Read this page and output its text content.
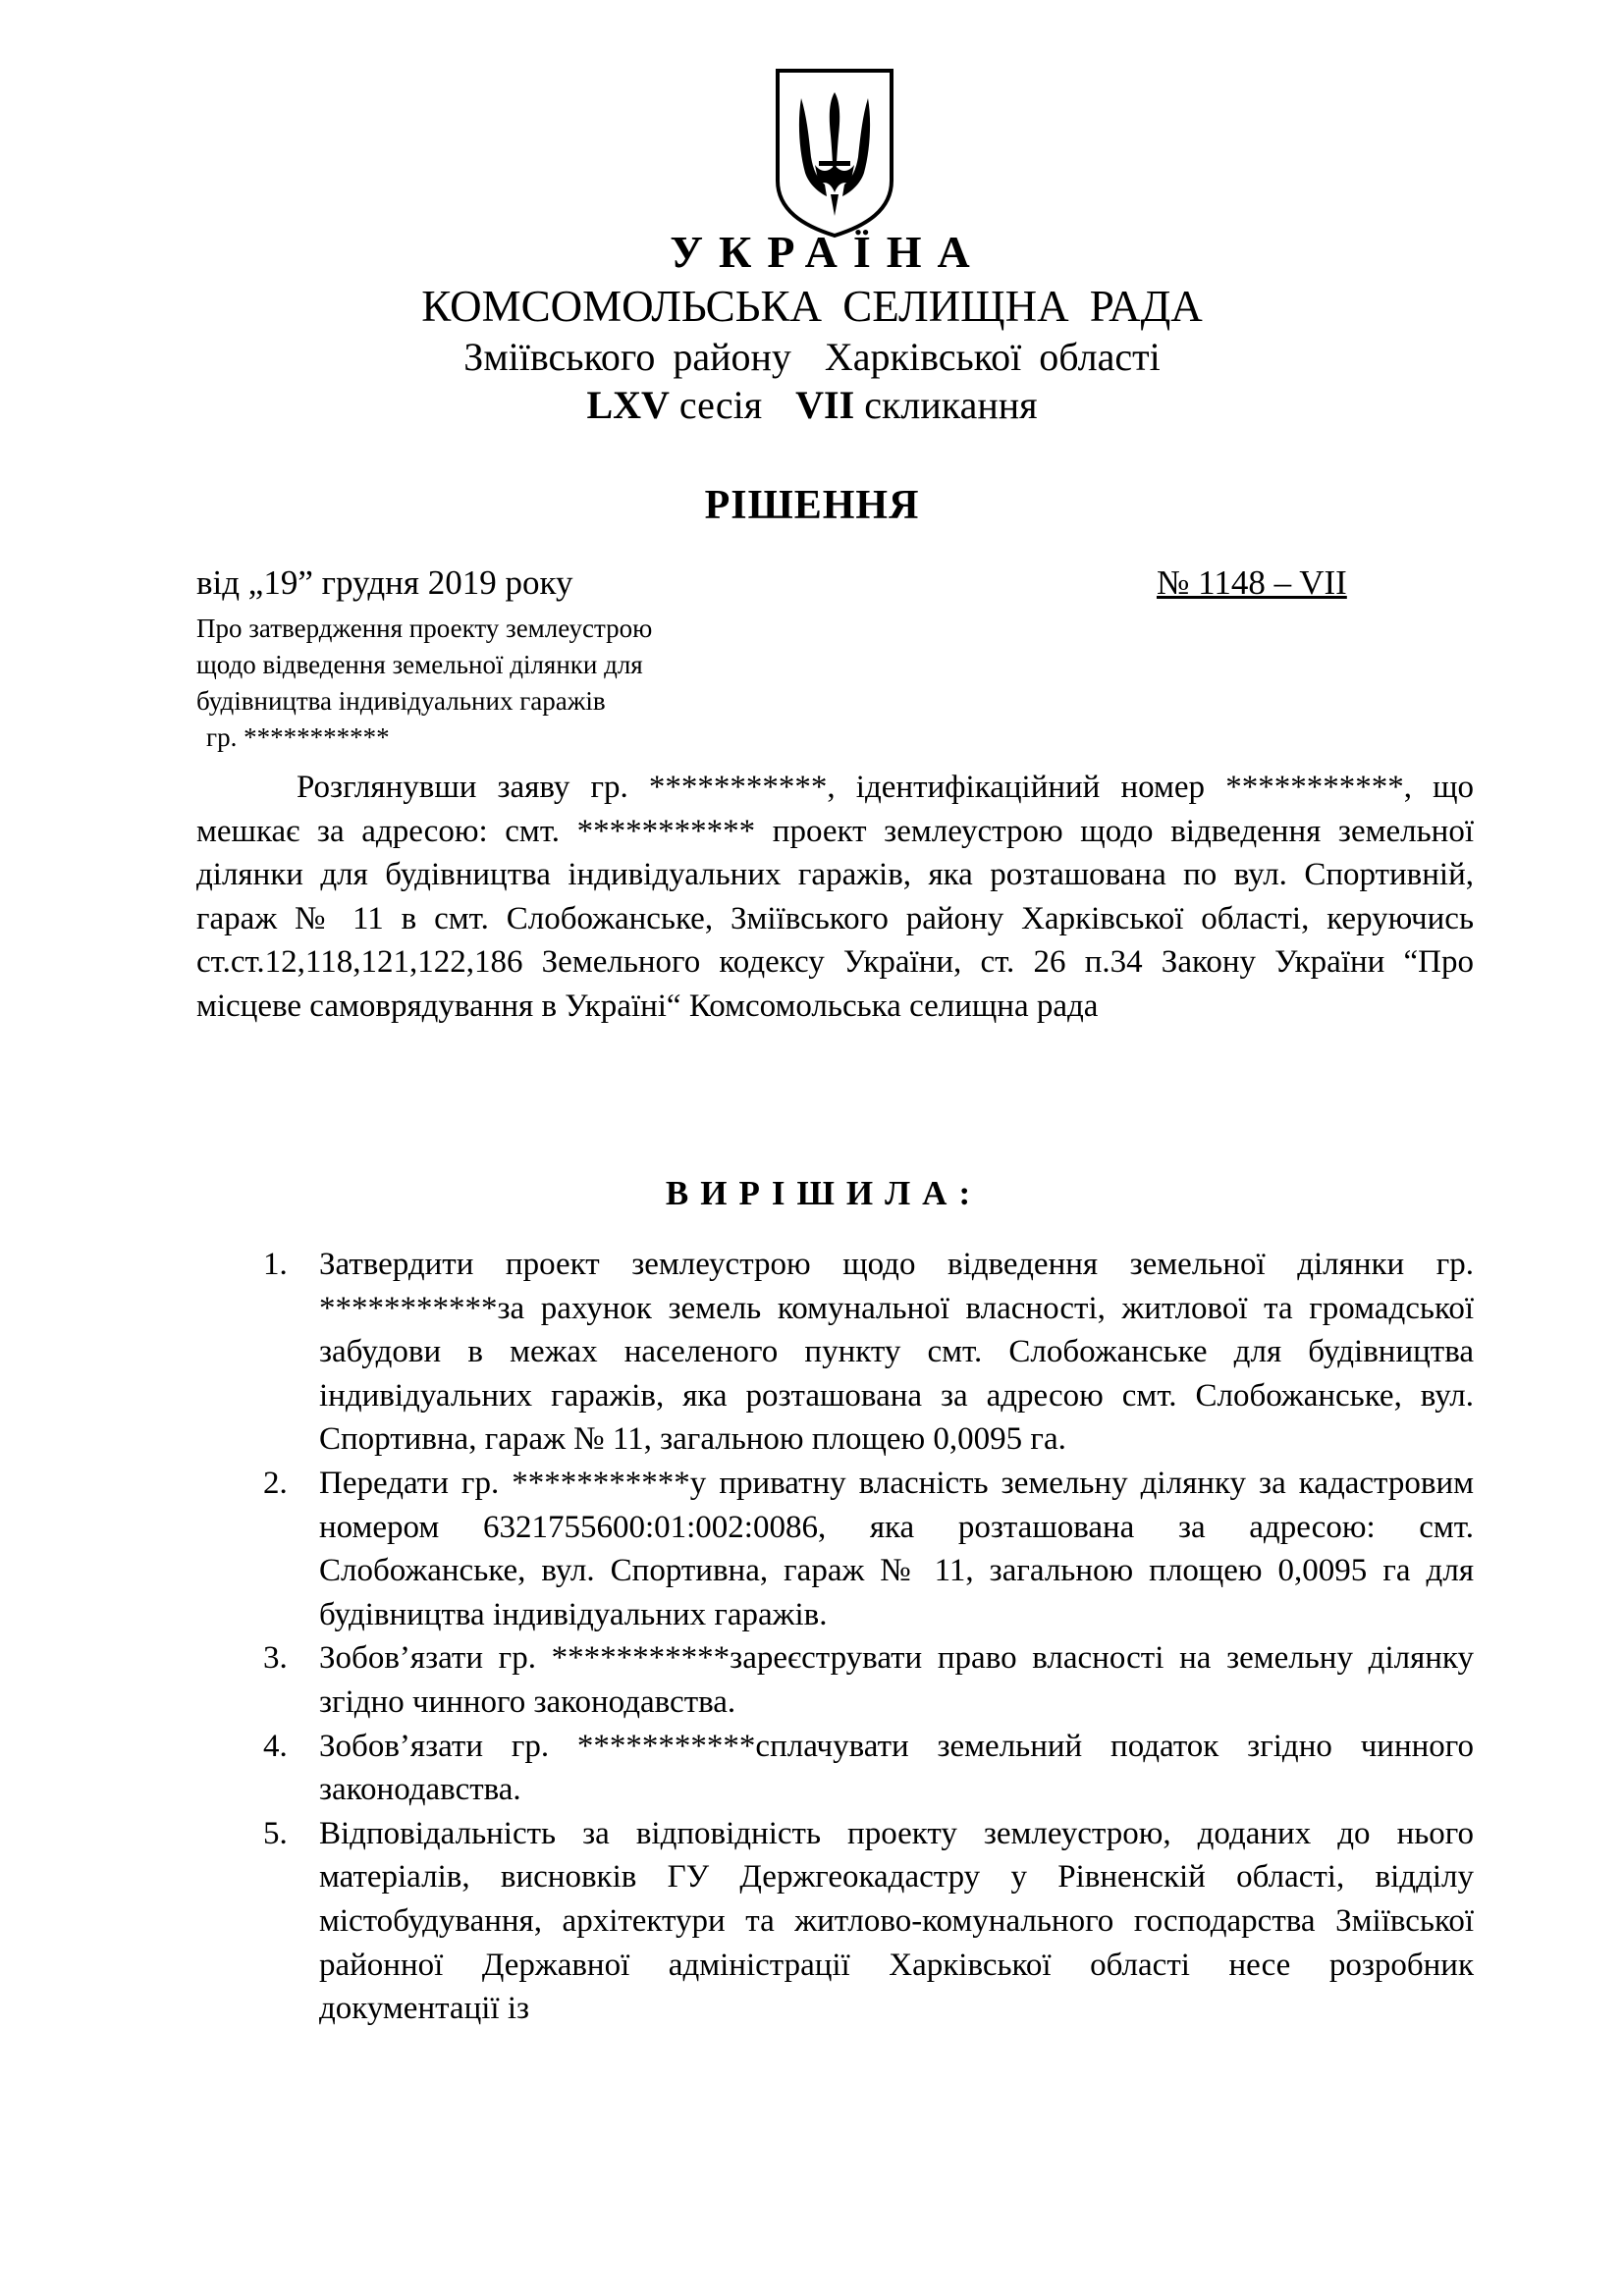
УКРАЇНА
КОМСОМОЛЬСЬКА СЕЛИЩНА РАДА
Зміївського району Харківської області
LXV сесія VII скликання
РІШЕННЯ
від „19” грудня 2019 року	№ 1148 – VII
Про затвердження проекту землеустрою
щодо відведення земельної ділянки для
будівництва індивідуальних гаражів
гр. ***********
Розглянувши заяву гр. ***********, ідентифікаційний номер ***********, що мешкає за адресою: смт. *********** проект землеустрою щодо відведення земельної ділянки для будівництва індивідуальних гаражів, яка розташована по вул. Спортивній, гараж № 11 в смт. Слобожанське, Зміївського району Харківської області, керуючись ст.ст.12,118,121,122,186 Земельного кодексу України, ст. 26 п.34 Закону України “Про місцеве самоврядування в Україні“ Комсомольська селищна рада
ВИРІШИЛА:
1. Затвердити проект землеустрою щодо відведення земельної ділянки гр. ***********за рахунок земель комунальної власності, житлової та громадської забудови в межах населеного пункту смт. Слобожанське для будівництва індивідуальних гаражів, яка розташована за адресою смт. Слобожанське, вул. Спортивна, гараж № 11, загальною площею 0,0095 га.
2. Передати гр. ***********у приватну власність земельну ділянку за кадастровим номером 6321755600:01:002:0086, яка розташована за адресою: смт. Слобожанське, вул. Спортивна, гараж № 11, загальною площею 0,0095 га для будівництва індивідуальних гаражів.
3. Зобов’язати гр. ***********зареєструвати право власності на земельну ділянку згідно чинного законодавства.
4. Зобов’язати гр. ***********сплачувати земельний податок згідно чинного законодавства.
5. Відповідальність за відповідність проекту землеустрою, доданих до нього матеріалів, висновків ГУ Держгеокадастру у Рівненскій області, відділу містобудування, архітектури та житлово-комунального господарства Зміївської районної Державної адміністрації Харківської області несе розробник документації із
